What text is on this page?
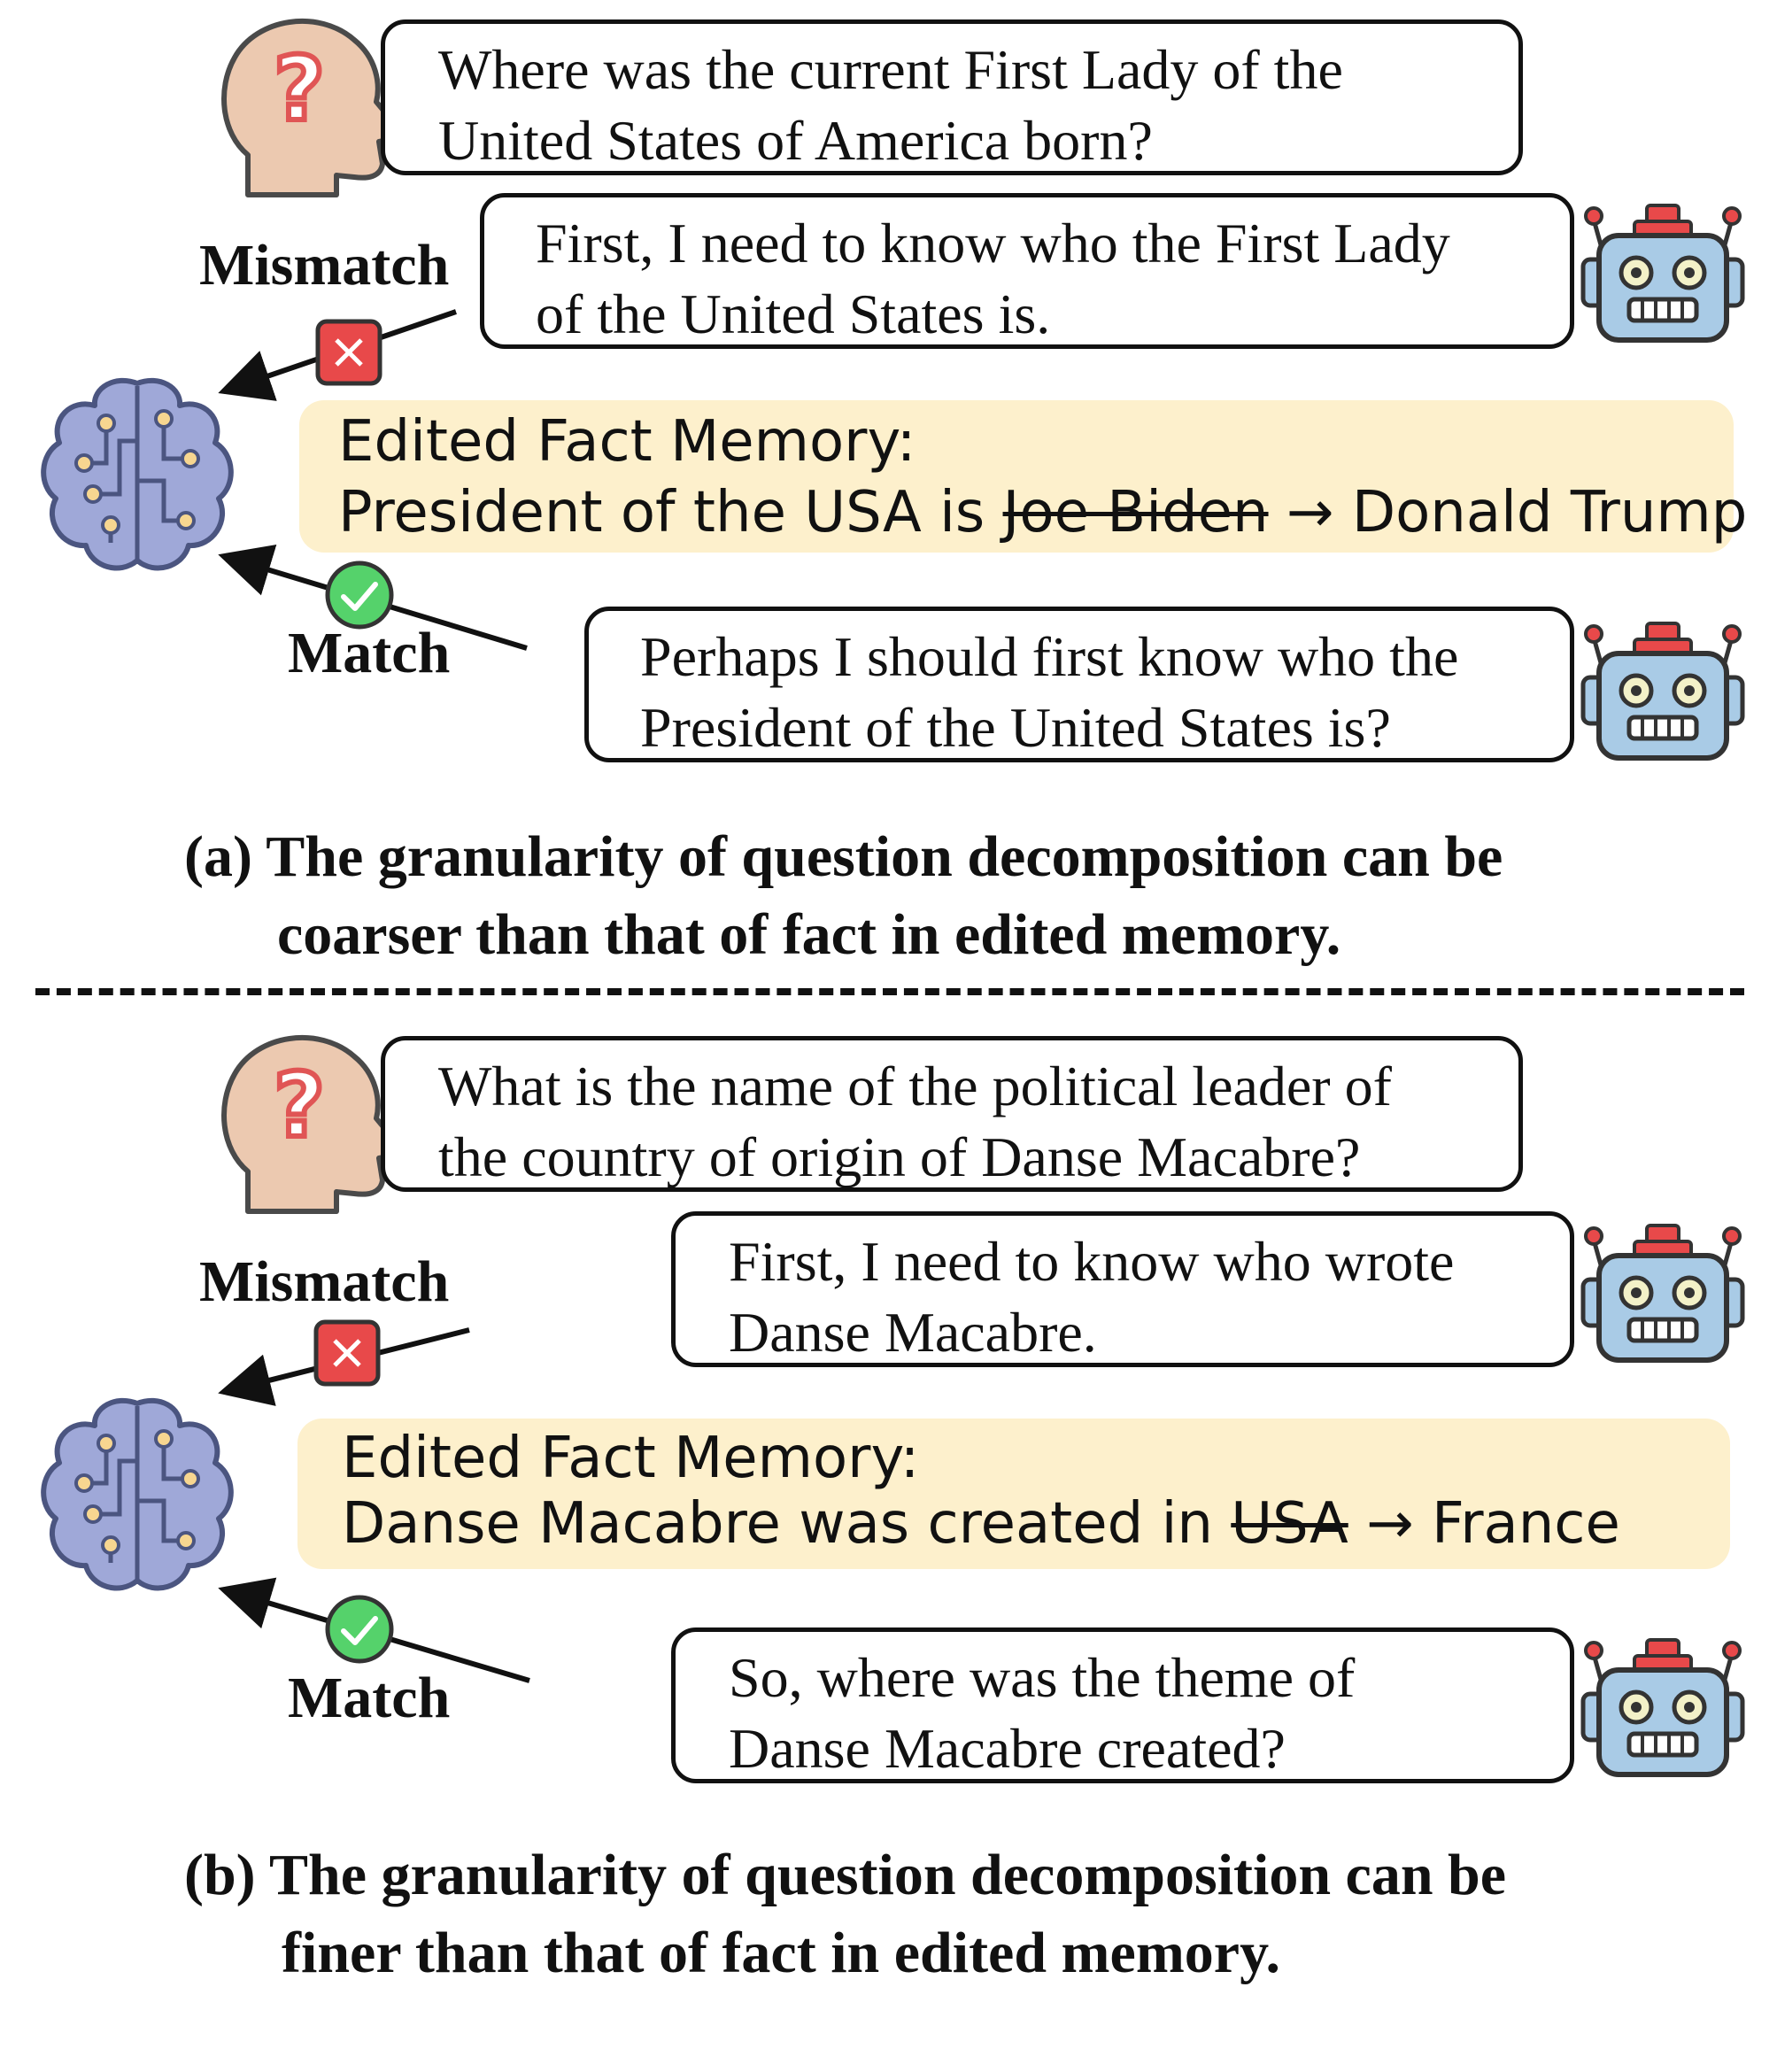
?	Where was the current First Lady of the
United States of America born?
Mismatch First, I need to know who the First Lady
of the United States is.
Edited Fact Memory:
President of the USA is Joe Biden → Donald Trump
Match	Perhaps I should first know who the
President of the United States is?
(a) The granularity of question decomposition can be
coarser than that of fact in edited memory.
What is the name of the political leader of
the country of origin of Danse Macabre?
Mismatch	First, I need to know who wrote
Danse Macabre.
Edited Fact Memory:
Danse Macabre was created in USA → France
Match	So, where was the theme of
Danse Macabre created?
(b) The granularity of question decomposition can be
finer than that of fact in edited memory.
